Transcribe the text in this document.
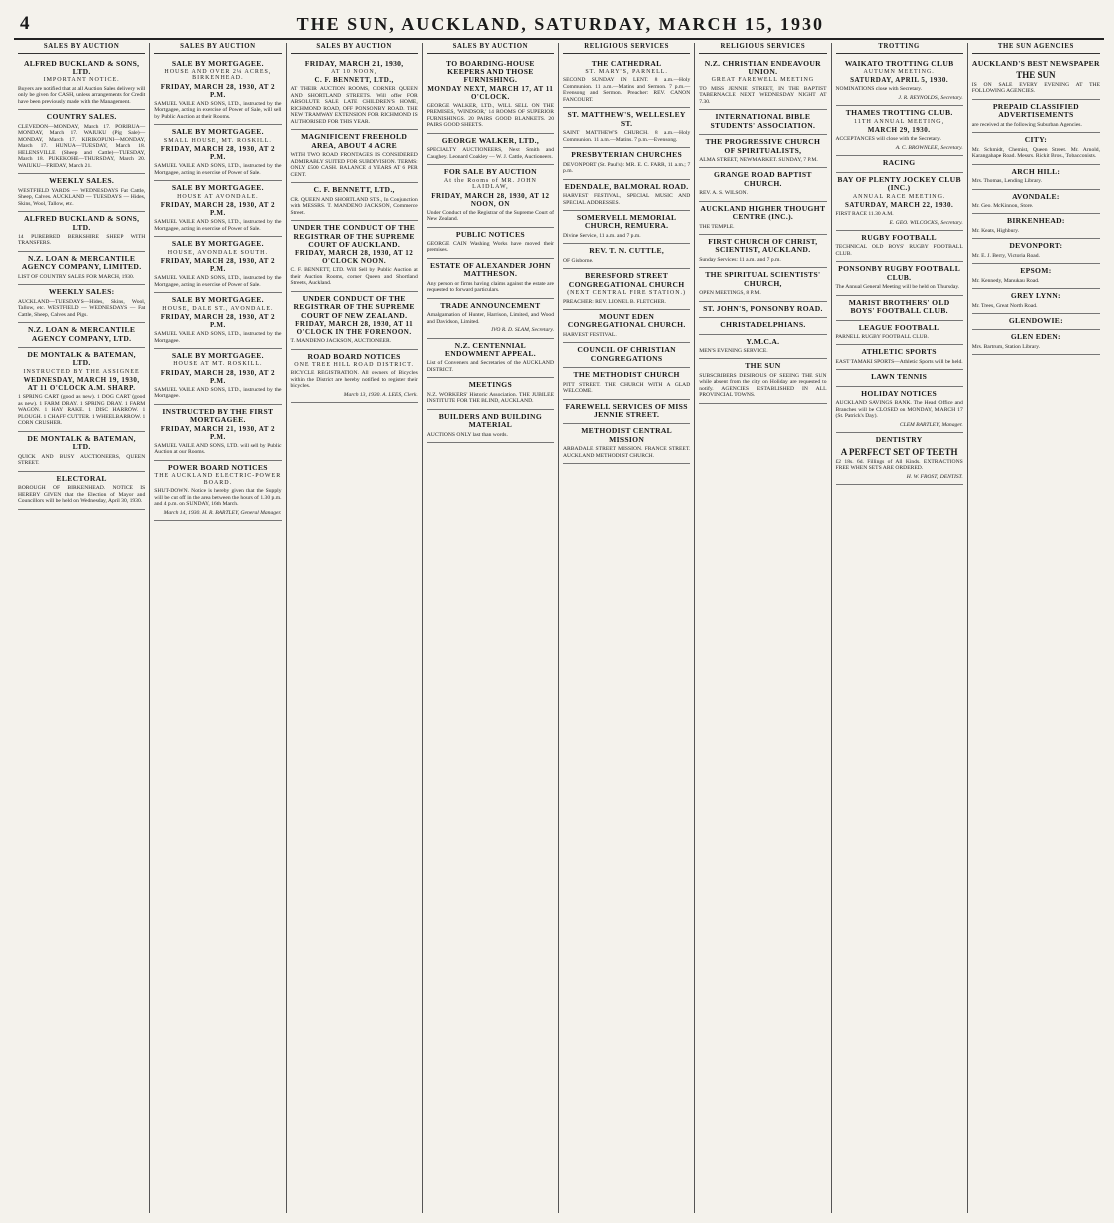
4	THE SUN, AUCKLAND, SATURDAY, MARCH 15, 1930

SALES BY AUCTION
ALFRED BUCKLAND & SONS, LTD.
IMPORTANT NOTICE.
Buyers are notified that at all Auction Sales delivery will only be given for CASH, unless arrangements for Credit have been previously made with the Management.
COUNTRY SALES.
CLEVEDON—MONDAY, March 17. PORIRUA—MONDAY, March 17. WAIUKU (Pig Sale)—MONDAY, March 17. KIRIKOPUNI—MONDAY, March 17. HUNUA—TUESDAY, March 18. HELENSVILLE (Sheep and Cattle)—TUESDAY, March 18. PUKEKOHE—THURSDAY, March 20. WAIUKU—FRIDAY, March 21.
WEEKLY SALES.
WESTFIELD YARDS — WEDNESDAYS Fat Cattle, Sheep, Calves. AUCKLAND — TUESDAYS — Hides, Skins, Wool, Tallow, etc.
ALFRED BUCKLAND & SONS, LTD.
14 PUREBRED BERKSHIRE SHEEP WITH TRANSFERS.
N.Z. LOAN & MERCANTILE AGENCY COMPANY, LIMITED.
LIST OF COUNTRY SALES FOR MARCH, 1930.
WEEKLY SALES:
AUCKLAND—TUESDAYS—Hides, Skins, Wool, Tallow, etc. WESTFIELD — WEDNESDAYS — Fat Cattle, Sheep, Calves and Pigs.
N.Z. LOAN & MERCANTILE AGENCY COMPANY, LTD.
DE MONTALK & BATEMAN, LTD.
INSTRUCTED BY THE ASSIGNEE
WEDNESDAY, MARCH 19, 1930, AT 11 O'CLOCK A.M. SHARP.
1 SPRING CART (good as new). 1 DOG CART (good as new). 1 FARM DRAY. 1 SPRING DRAY. 1 FARM WAGON. 1 HAY RAKE. 1 DISC HARROW. 1 PLOUGH. 1 CHAFF CUTTER. 1 WHEELBARROW. 1 CORN CRUSHER.
DE MONTALK & BATEMAN, LTD.
QUICK AND BUSY AUCTIONEERS, QUEEN STREET.
ELECTORAL
BOROUGH OF BIRKENHEAD. NOTICE IS HEREBY GIVEN that the Election of Mayor and Councillors will be held on Wednesday, April 30, 1930.
SALES BY AUCTION
SALE BY MORTGAGEE.
HOUSE AND OVER 2¼ ACRES, BIRKENHEAD.
FRIDAY, MARCH 28, 1930, AT 2 P.M.
SAMUEL VAILE AND SONS, LTD., instructed by the Mortgagee, acting in exercise of Power of Sale, will sell by Public Auction at their Rooms.
SALE BY MORTGAGEE.
SMALL HOUSE, MT. ROSKILL.
FRIDAY, MARCH 28, 1930, AT 2 P.M.
SAMUEL VAILE AND SONS, LTD., instructed by the Mortgagee, acting in exercise of Power of Sale.
SALE BY MORTGAGEE.
HOUSE AT AVONDALE.
FRIDAY, MARCH 28, 1930, AT 2 P.M.
SAMUEL VAILE AND SONS, LTD., instructed by the Mortgagee, acting in exercise of Power of Sale.
SALE BY MORTGAGEE.
HOUSE, AVONDALE SOUTH.
FRIDAY, MARCH 28, 1930, AT 2 P.M.
SAMUEL VAILE AND SONS, LTD., instructed by the Mortgagee, acting in exercise of Power of Sale.
SALE BY MORTGAGEE.
HOUSE, DALE ST., AVONDALE.
FRIDAY, MARCH 28, 1930, AT 2 P.M.
SAMUEL VAILE AND SONS, LTD., instructed by the Mortgagee.
SALE BY MORTGAGEE.
HOUSE AT MT. ROSKILL.
FRIDAY, MARCH 28, 1930, AT 2 P.M.
SAMUEL VAILE AND SONS, LTD., instructed by the Mortgagee.
INSTRUCTED BY THE FIRST MORTGAGEE.
FRIDAY, MARCH 21, 1930, AT 2 P.M.
SAMUEL VAILE AND SONS, LTD. will sell by Public Auction at our Rooms.
POWER BOARD NOTICES
THE AUCKLAND ELECTRIC-POWER BOARD.
SHUT-DOWN. Notice is hereby given that the Supply will be cut off in the area between the hours of 1.30 p.m. and 4 p.m. on SUNDAY, 16th March.
March 14, 1930. H. R. BARTLEY, General Manager.
SALES BY AUCTION
FRIDAY, MARCH 21, 1930,
AT 10 NOON,
C. F. BENNETT, LTD.,
AT THEIR AUCTION ROOMS, CORNER QUEEN AND SHORTLAND STREETS. Will offer FOR ABSOLUTE SALE LATE CHILDREN'S HOME, RICHMOND ROAD, OFF PONSONBY ROAD. THE NEW TRAMWAY EXTENSION FOR RICHMOND IS AUTHORISED FOR THIS YEAR.
MAGNIFICENT FREEHOLD AREA, ABOUT 4 ACRE
WITH TWO ROAD FRONTAGES IS CONSIDERED ADMIRABLY SUITED FOR SUBDIVISION. TERMS: ONLY £500 CASH. BALANCE 4 YEARS AT 6 PER CENT.
C. F. BENNETT, LTD.,
CR. QUEEN AND SHORTLAND STS., In Conjunction with MESSRS. T. MANDENO JACKSON, Commerce Street.
UNDER THE CONDUCT OF THE REGISTRAR OF THE SUPREME COURT OF AUCKLAND.
FRIDAY, MARCH 28, 1930, AT 12 O'CLOCK NOON.
C. F. BENNETT, LTD. Will Sell by Public Auction at their Auction Rooms, corner Queen and Shortland Streets, Auckland.
UNDER CONDUCT OF THE REGISTRAR OF THE SUPREME COURT OF NEW ZEALAND.
FRIDAY, MARCH 28, 1930, AT 11 O'CLOCK IN THE FORENOON.
T. MANDENO JACKSON, AUCTIONEER.
ROAD BOARD NOTICES
ONE TREE HILL ROAD DISTRICT.
BICYCLE REGISTRATION. All owners of Bicycles within the District are hereby notified to register their bicycles.
March 13, 1930. A. LEES, Clerk.
SALES BY AUCTION
TO BOARDING-HOUSE KEEPERS AND THOSE FURNISHING.
MONDAY NEXT, MARCH 17, AT 11 O'CLOCK.
GEORGE WALKER, LTD., WILL SELL ON THE PREMISES, 'WINDSOR,' 14 ROOMS OF SUPERIOR FURNISHINGS. 20 PAIRS GOOD BLANKETS. 20 PAIRS GOOD SHEETS.
GEORGE WALKER, LTD.,
SPECIALTY AUCTIONEERS, Next Smith and Caughey. Leonard Coakley — W. J. Cattle, Auctioneers.
FOR SALE BY AUCTION
At the Rooms of MR. JOHN LAIDLAW,
FRIDAY, MARCH 28, 1930, AT 12 NOON, ON
Under Conduct of the Registrar of the Supreme Court of New Zealand.
PUBLIC NOTICES
GEORGE CAIN Washing Works have moved their premises.
ESTATE OF ALEXANDER JOHN MATTHESON.
Any person or firms having claims against the estate are requested to forward particulars.
TRADE ANNOUNCEMENT
Amalgamation of Hunter, Harrison, Limited, and Wood and Davidson, Limited.
IVO R. D. SLAM, Secretary.
N.Z. CENTENNIAL ENDOWMENT APPEAL.
List of Conveners and Secretaries of the AUCKLAND DISTRICT.
MEETINGS
N.Z. WORKERS' Historic Association. THE JUBILEE INSTITUTE FOR THE BLIND, AUCKLAND.
BUILDERS AND BUILDING MATERIAL
AUCTIONS ONLY last than words.
RELIGIOUS SERVICES
THE CATHEDRAL
ST. MARY'S, PARNELL.
SECOND SUNDAY IN LENT. 8 a.m.—Holy Communion. 11 a.m.—Matins and Sermon. 7 p.m.—Evensong and Sermon. Preacher: REV. CANON FANCOURT.
ST. MATTHEW'S, WELLESLEY ST.
SAINT MATTHEW'S CHURCH. 8 a.m.—Holy Communion. 11 a.m.—Matins. 7 p.m.—Evensong.
PRESBYTERIAN CHURCHES
DEVONPORT (St. Paul's): MR. E. C. FARR, 11 a.m.; 7 p.m.
EDENDALE, BALMORAL ROAD.
HARVEST FESTIVAL, SPECIAL MUSIC AND SPECIAL ADDRESSES.
SOMERVELL MEMORIAL CHURCH, REMUERA.
Divine Service, 11 a.m. and 7 p.m.
REV. T. N. CUTTLE,
OF Gisborne.
BERESFORD STREET CONGREGATIONAL CHURCH
(NEXT CENTRAL FIRE STATION.)
PREACHER: REV. LIONEL B. FLETCHER.
MOUNT EDEN CONGREGATIONAL CHURCH.
HARVEST FESTIVAL.
COUNCIL OF CHRISTIAN CONGREGATIONS
THE METHODIST CHURCH
PITT STREET. THE CHURCH WITH A GLAD WELCOME.
FAREWELL SERVICES OF MISS JENNIE STREET.
METHODIST CENTRAL MISSION
ARBADALE STREET MISSION. FRANCE STREET. AUCKLAND METHODIST CHURCH.
RELIGIOUS SERVICES
N.Z. CHRISTIAN ENDEAVOUR UNION.
GREAT FAREWELL MEETING
TO MISS JENNIE STREET, IN THE BAPTIST TABERNACLE NEXT WEDNESDAY NIGHT AT 7.30.
INTERNATIONAL BIBLE STUDENTS' ASSOCIATION.
THE PROGRESSIVE CHURCH OF SPIRITUALISTS,
ALMA STREET, NEWMARKET. SUNDAY, 7 P.M.
GRANGE ROAD BAPTIST CHURCH.
REV. A. S. WILSON.
AUCKLAND HIGHER THOUGHT CENTRE (INC.).
THE TEMPLE.
FIRST CHURCH OF CHRIST, SCIENTIST, AUCKLAND.
Sunday Services: 11 a.m. and 7 p.m.
THE SPIRITUAL SCIENTISTS' CHURCH,
OPEN MEETINGS, 8 P.M.
ST. JOHN'S, PONSONBY ROAD.
CHRISTADELPHIANS.
Y.M.C.A.
MEN'S EVENING SERVICE.
THE SUN
SUBSCRIBERS DESIROUS OF SEEING THE SUN while absent from the city on Holiday are requested to notify. AGENCIES ESTABLISHED IN ALL PROVINCIAL TOWNS.
TROTTING
WAIKATO TROTTING CLUB
AUTUMN MEETING.
SATURDAY, APRIL 5, 1930.
NOMINATIONS close with Secretary.
J. R. REYNOLDS, Secretary.
THAMES TROTTING CLUB.
11TH ANNUAL MEETING,
MARCH 29, 1930.
ACCEPTANCES will close with the Secretary.
A. C. BROWNLEE, Secretary.
RACING
BAY OF PLENTY JOCKEY CLUB (INC.)
ANNUAL RACE MEETING.
SATURDAY, MARCH 22, 1930.
FIRST RACE 11.30 A.M.
E. GEO. WILCOCKS, Secretary.
RUGBY FOOTBALL
TECHNICAL OLD BOYS' RUGBY FOOTBALL CLUB.
PONSONBY RUGBY FOOTBALL CLUB.
The Annual General Meeting will be held on Thursday.
MARIST BROTHERS' OLD BOYS' FOOTBALL CLUB.
LEAGUE FOOTBALL
PARNELL RUGBY FOOTBALL CLUB.
ATHLETIC SPORTS
EAST TAMAKI SPORTS—Athletic Sports will be held.
LAWN TENNIS
HOLIDAY NOTICES
AUCKLAND SAVINGS BANK. The Head Office and Branches will be CLOSED on MONDAY, MARCH 17 (St. Patrick's Day).
CLEM BARTLEY, Manager.
DENTISTRY
A PERFECT SET OF TEETH
£2 18s. 6d. Fillings of All Kinds. EXTRACTIONS FREE WHEN SETS ARE ORDERED.
H. W. FROST, DENTIST.
THE SUN AGENCIES
AUCKLAND'S BEST NEWSPAPER
THE SUN
IS ON SALE EVERY EVENING AT THE FOLLOWING AGENCIES.
PREPAID CLASSIFIED ADVERTISEMENTS
are received at the following Suburban Agencies.
CITY:
Mr. Schmidt, Chemist, Queen Street. Mr. Arnold, Karangahape Road. Messrs. Rickit Bros., Tobacconists.
ARCH HILL:
Mrs. Thomas, Lending Library.
AVONDALE:
Mr. Geo. McKinnon, Store.
BIRKENHEAD:
Mr. Keats, Highbury.
DEVONPORT:
Mr. E. J. Berry, Victoria Road.
EPSOM:
Mr. Kennedy, Manukau Road.
GREY LYNN:
Mr. Trees, Great North Road.
GLENDOWIE:
GLEN EDEN:
Mrs. Bartrum, Station Library.
